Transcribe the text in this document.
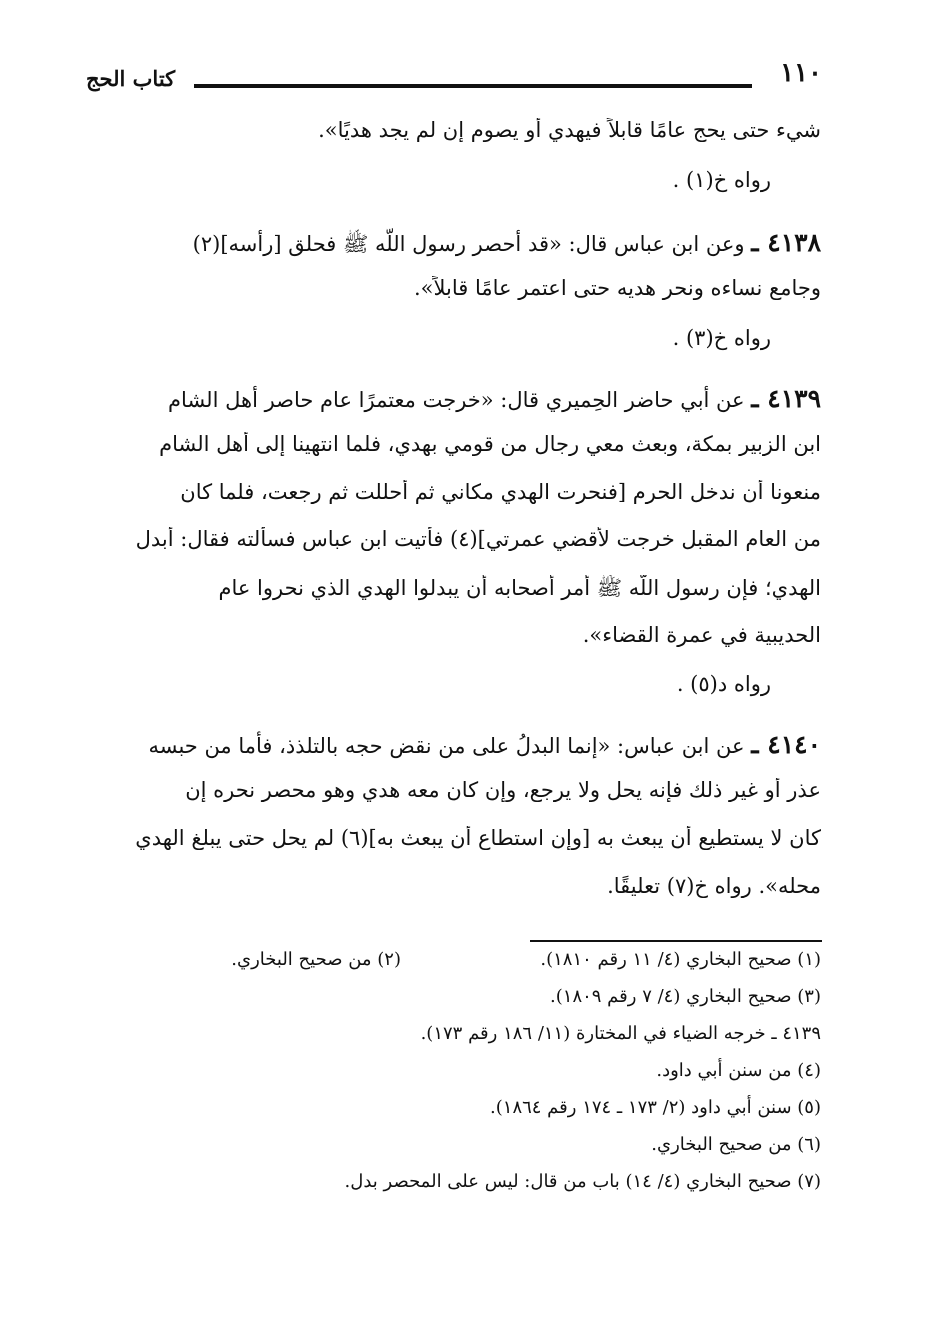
١١٠
كتاب الحج
شيء حتى يحج عامًا قابلاً فيهدي أو يصوم إن لم يجد هديًا».
رواه خ(١) .
٤١٣٨ ـ وعن ابن عباس قال: «قد أحصر رسول اللَّه ﷺ فحلق [رأسه](٢)
وجامع نساءه ونحر هديه حتى اعتمر عامًا قابلاً».
رواه خ(٣) .
٤١٣٩ ـ عن أبي حاضر الحِميري قال: «خرجت معتمرًا عام حاصر أهل الشام
ابن الزبير بمكة، وبعث معي رجال من قومي بهدي، فلما انتهينا إلى أهل الشام
منعونا أن ندخل الحرم [فنحرت الهدي مكاني ثم أحللت ثم رجعت، فلما كان
من العام المقبل خرجت لأقضي عمرتي](٤) فأتيت ابن عباس فسألته فقال: أبدل
الهدي؛ فإن رسول اللَّه ﷺ أمر أصحابه أن يبدلوا الهدي الذي نحروا عام
الحديبية في عمرة القضاء».
رواه د(٥) .
٤١٤٠ ـ عن ابن عباس: «إنما البدلُ على من نقض حجه بالتلذذ، فأما من حبسه
عذر أو غير ذلك فإنه يحل ولا يرجع، وإن كان معه هدي وهو محصر نحره إن
كان لا يستطيع أن يبعث به [وإن استطاع أن يبعث به](٦) لم يحل حتى يبلغ الهدي
محله». رواه خ(٧) تعليقًا.
(١) صحيح البخاري (٤/ ١١ رقم ١٨١٠).
(٢) من صحيح البخاري.
(٣) صحيح البخاري (٤/ ٧ رقم ١٨٠٩).
٤١٣٩ ـ خرجه الضياء في المختارة (١١/ ١٨٦ رقم ١٧٣).
(٤) من سنن أبي داود.
(٥) سنن أبي داود (٢/ ١٧٣ ـ ١٧٤ رقم ١٨٦٤).
(٦) من صحيح البخاري.
(٧) صحيح البخاري (٤/ ١٤) باب من قال: ليس على المحصر بدل.
